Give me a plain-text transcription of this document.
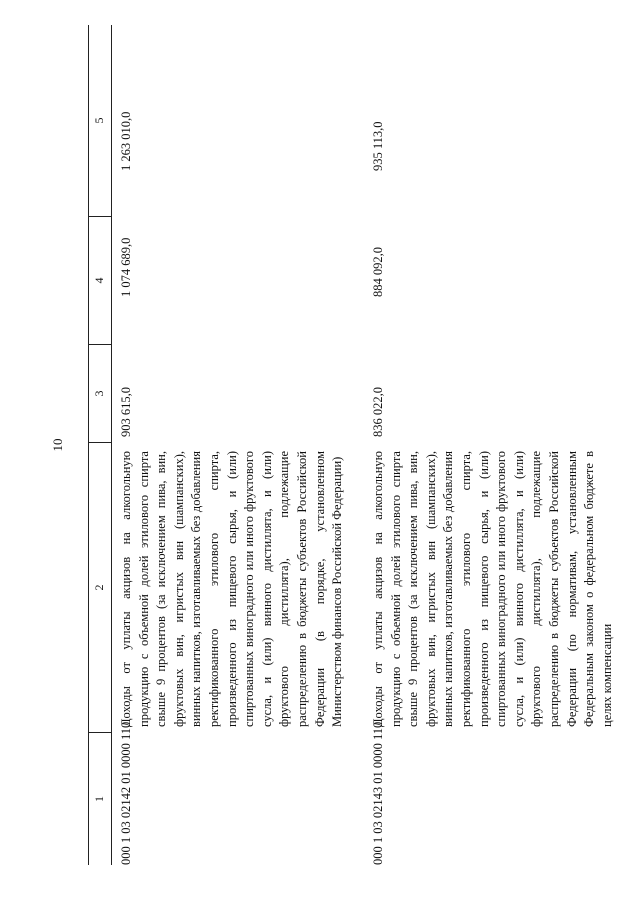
10
1
2
3
4
5
000 1 03 02142 01 0000 110
Доходы от уплаты акцизов на алкогольную продукцию с объемной долей этилового спирта свыше 9 процентов (за исключением пива, вин, фруктовых вин, игристых вин (шампанских), винных напитков, изготавливаемых без добавления ректификованного этилового спирта, произведенного из пищевого сырья, и (или) спиртованных виноградного или иного фруктового сусла, и (или) винного дистиллята, и (или) фруктового дистиллята), подлежащие распределению в бюджеты субъектов Российской Федерации (в порядке, установленном Министерством финансов Российской Федерации)
903 615,0
1 074 689,0
1 263 010,0
000 1 03 02143 01 0000 110
Доходы от уплаты акцизов на алкогольную продукцию с объемной долей этилового спирта свыше 9 процентов (за исключением пива, вин, фруктовых вин, игристых вин (шампанских), винных напитков, изготавливаемых без добавления ректификованного этилового спирта, произведенного из пищевого сырья, и (или) спиртованных виноградного или иного фруктового сусла, и (или) винного дистиллята, и (или) фруктового дистиллята), подлежащие распределению в бюджеты субъектов Российской Федерации (по нормативам, установленным Федеральным законом о федеральном бюджете в целях компенсации
836 022,0
884 092,0
935 113,0
